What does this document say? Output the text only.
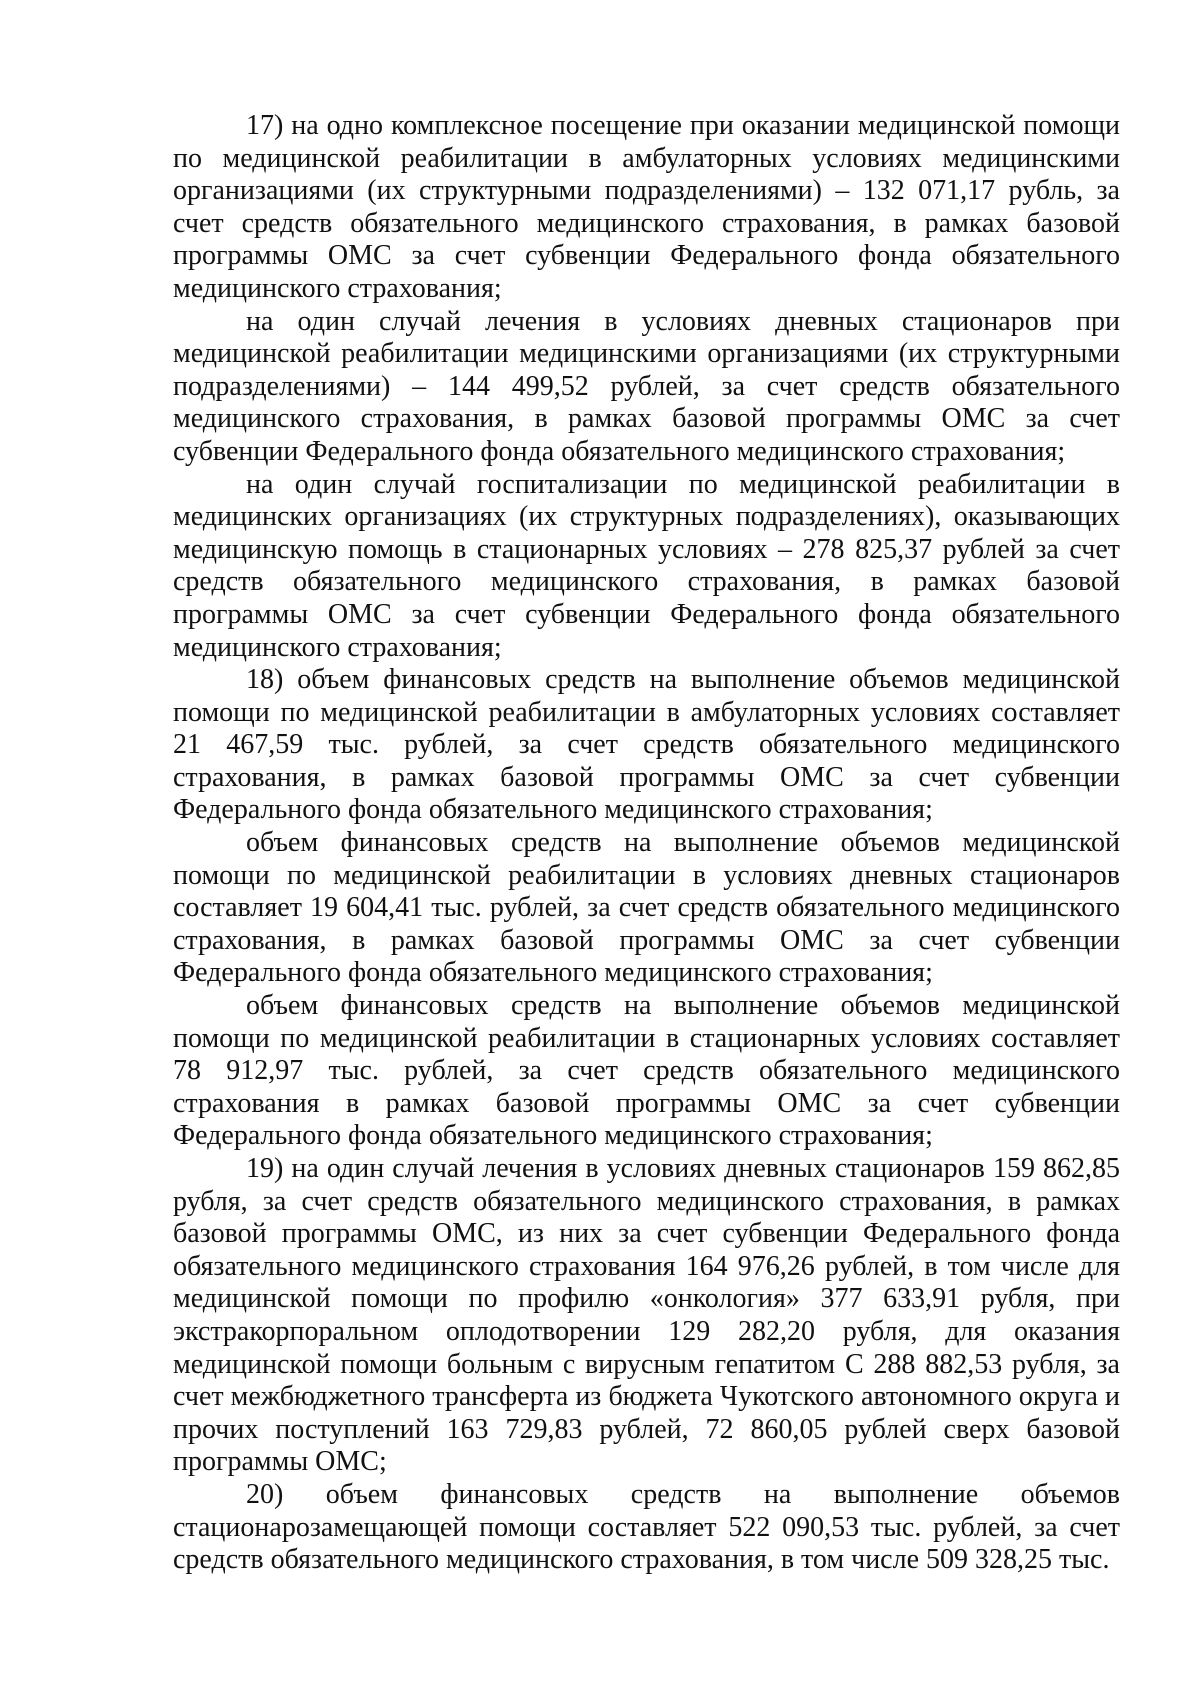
17) на одно комплексное посещение при оказании медицинской помощи по медицинской реабилитации в амбулаторных условиях медицинскими организациями (их структурными подразделениями) – 132 071,17 рубль, за счет средств обязательного медицинского страхования, в рамках базовой программы ОМС за счет субвенции Федерального фонда обязательного медицинского страхования;

на один случай лечения в условиях дневных стационаров при медицинской реабилитации медицинскими организациями (их структурными подразделениями) – 144 499,52 рублей, за счет средств обязательного медицинского страхования, в рамках базовой программы ОМС за счет субвенции Федерального фонда обязательного медицинского страхования;

на один случай госпитализации по медицинской реабилитации в медицинских организациях (их структурных подразделениях), оказывающих медицинскую помощь в стационарных условиях – 278 825,37 рублей за счет средств обязательного медицинского страхования, в рамках базовой программы ОМС за счет субвенции Федерального фонда обязательного медицинского страхования;

18) объем финансовых средств на выполнение объемов медицинской помощи по медицинской реабилитации в амбулаторных условиях составляет 21 467,59 тыс. рублей, за счет средств обязательного медицинского страхования, в рамках базовой программы ОМС за счет субвенции Федерального фонда обязательного медицинского страхования;

объем финансовых средств на выполнение объемов медицинской помощи по медицинской реабилитации в условиях дневных стационаров составляет 19 604,41 тыс. рублей, за счет средств обязательного медицинского страхования, в рамках базовой программы ОМС за счет субвенции Федерального фонда обязательного медицинского страхования;

объем финансовых средств на выполнение объемов медицинской помощи по медицинской реабилитации в стационарных условиях составляет 78 912,97 тыс. рублей, за счет средств обязательного медицинского страхования в рамках базовой программы ОМС за счет субвенции Федерального фонда обязательного медицинского страхования;

19) на один случай лечения в условиях дневных стационаров 159 862,85 рубля, за счет средств обязательного медицинского страхования, в рамках базовой программы ОМС, из них за счет субвенции Федерального фонда обязательного медицинского страхования 164 976,26 рублей, в том числе для медицинской помощи по профилю «онкология» 377 633,91 рубля, при экстракорпоральном оплодотворении 129 282,20 рубля, для оказания медицинской помощи больным с вирусным гепатитом С 288 882,53 рубля, за счет межбюджетного трансферта из бюджета Чукотского автономного округа и прочих поступлений 163 729,83 рублей, 72 860,05 рублей сверх базовой программы ОМС;

20) объем финансовых средств на выполнение объемов стационарозамещающей помощи составляет 522 090,53 тыс. рублей, за счет средств обязательного медицинского страхования, в том числе 509 328,25 тыс.
